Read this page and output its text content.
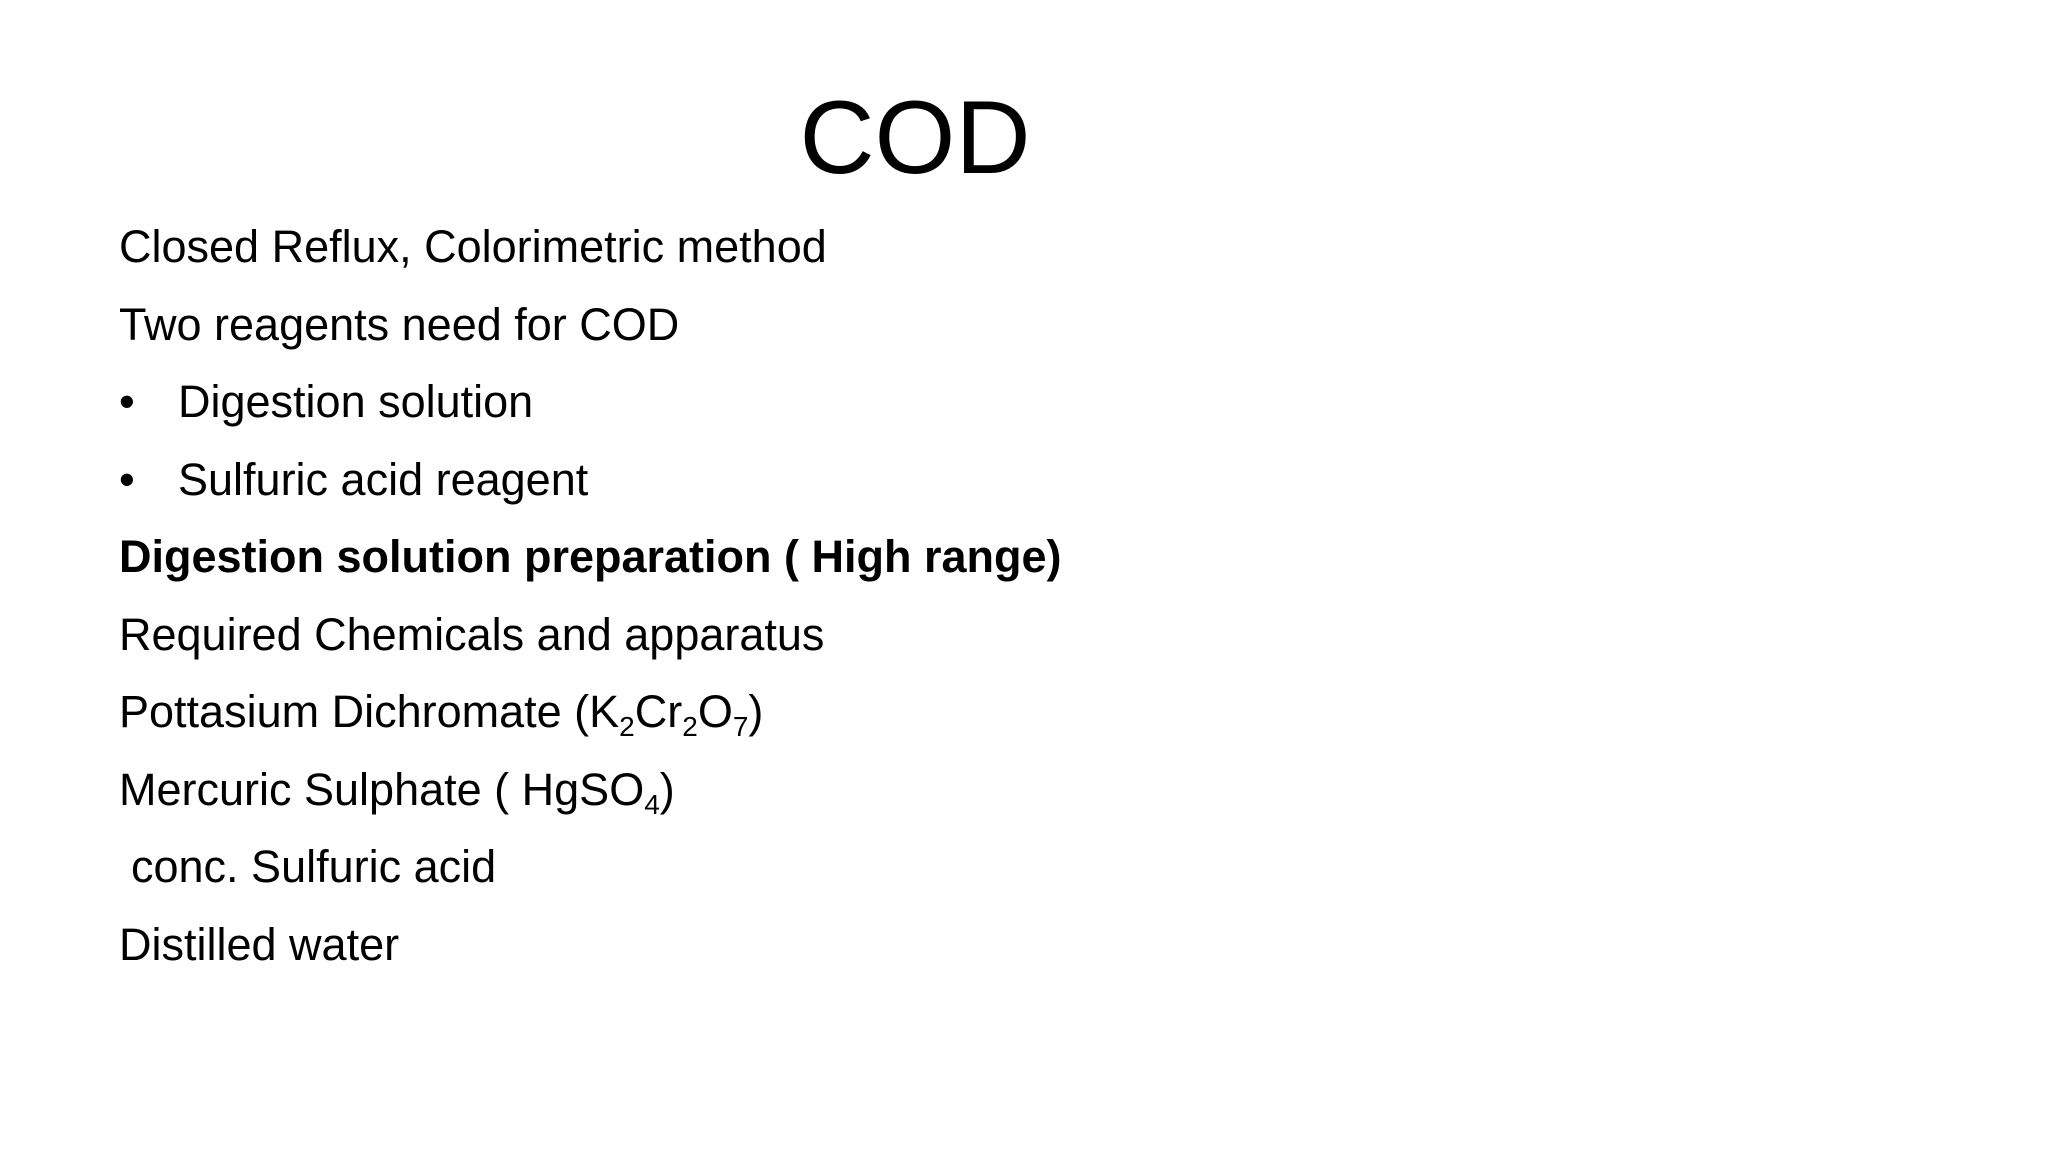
COD
Closed Reflux, Colorimetric method
Two reagents need for COD
• Digestion solution
• Sulfuric acid reagent
Digestion solution preparation ( High range)
Required Chemicals and apparatus
Pottasium Dichromate $(K_2Cr_2O_7)$
Mercuric Sulphate ( HgSO$_4$)
conc. Sulfuric acid
Distilled water
